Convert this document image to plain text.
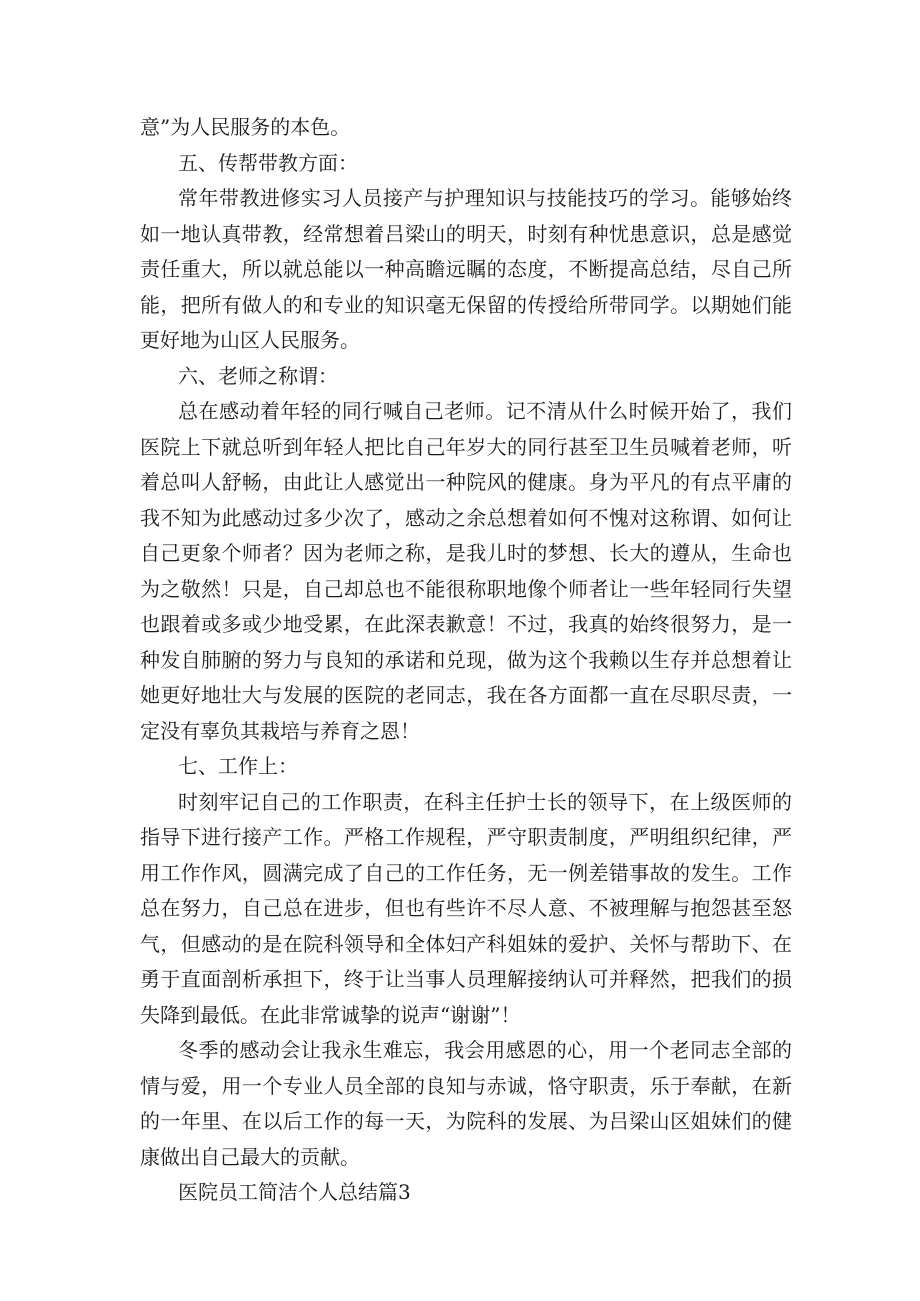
意”为人民服务的本色。

五、传帮带教方面：

常年带教进修实习人员接产与护理知识与技能技巧的学习。能够始终如一地认真带教，经常想着吕梁山的明天，时刻有种忧患意识，总是感觉责任重大，所以就总能以一种高瞻远瞩的态度，不断提高总结，尽自己所能，把所有做人的和专业的知识毫无保留的传授给所带同学。以期她们能更好地为山区人民服务。

六、老师之称谓：

总在感动着年轻的同行喊自己老师。记不清从什么时候开始了，我们医院上下就总听到年轻人把比自己年岁大的同行甚至卫生员喊着老师，听着总叫人舒畅，由此让人感觉出一种院风的健康。身为平凡的有点平庸的我不知为此感动过多少次了，感动之余总想着如何不愧对这称谓、如何让自己更象个师者？因为老师之称，是我儿时的梦想、长大的遵从，生命也为之敬然！只是，自己却总也不能很称职地像个师者让一些年轻同行失望也跟着或多或少地受累，在此深表歉意！不过，我真的始终很努力，是一种发自肺腑的努力与良知的承诺和兑现，做为这个我赖以生存并总想着让她更好地壮大与发展的医院的老同志，我在各方面都一直在尽职尽责，一定没有辜负其栽培与养育之恩！

七、工作上：

时刻牢记自己的工作职责，在科主任护士长的领导下，在上级医师的指导下进行接产工作。严格工作规程，严守职责制度，严明组织纪律，严用工作作风，圆满完成了自己的工作任务，无一例差错事故的发生。工作总在努力，自己总在进步，但也有些许不尽人意、不被理解与抱怨甚至怒气，但感动的是在院科领导和全体妇产科姐妹的爱护、关怀与帮助下、在勇于直面剖析承担下，终于让当事人员理解接纳认可并释然，把我们的损失降到最低。在此非常诚挚的说声“谢谢”！

冬季的感动会让我永生难忘，我会用感恩的心，用一个老同志全部的情与爱，用一个专业人员全部的良知与赤诚，恪守职责，乐于奉献，在新的一年里、在以后工作的每一天，为院科的发展、为吕梁山区姐妹们的健康做出自己最大的贡献。

医院员工简洁个人总结篇3
